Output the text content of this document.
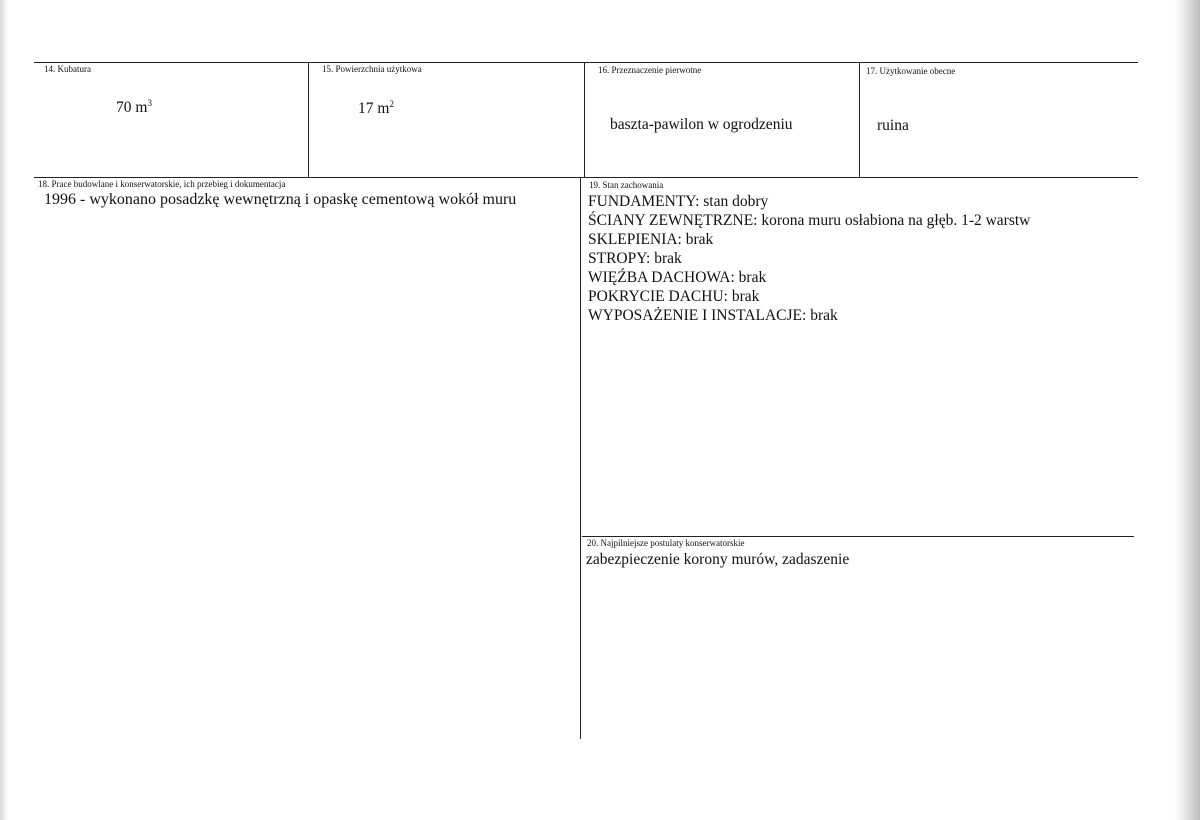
14. Kubatura
70 $m^3$
15. Powierzchnia użytkowa
17 $m^2$
16. Przeznaczenie pierwotne
baszta-pawilon w ogrodzeniu
17. Użytkowanie obecne
ruina
18. Prace budowlane i konserwatorskie, ich przebieg i dokumentacja
1996 - wykonano posadzkę wewnętrzną i opaskę cementową wokół muru
19. Stan zachowania
FUNDAMENTY: stan dobry
ŚCIANY ZEWNĘTRZNE: korona muru osłabiona na głęb. 1-2 warstw
SKLEPIENIA: brak
STROPY: brak
WIĘŹBA DACHOWA: brak
POKRYCIE DACHU: brak
WYPOSAŻENIE I INSTALACJE: brak
20. Najpilniejsze postulaty konserwatorskie
zabezpieczenie korony murów, zadaszenie
